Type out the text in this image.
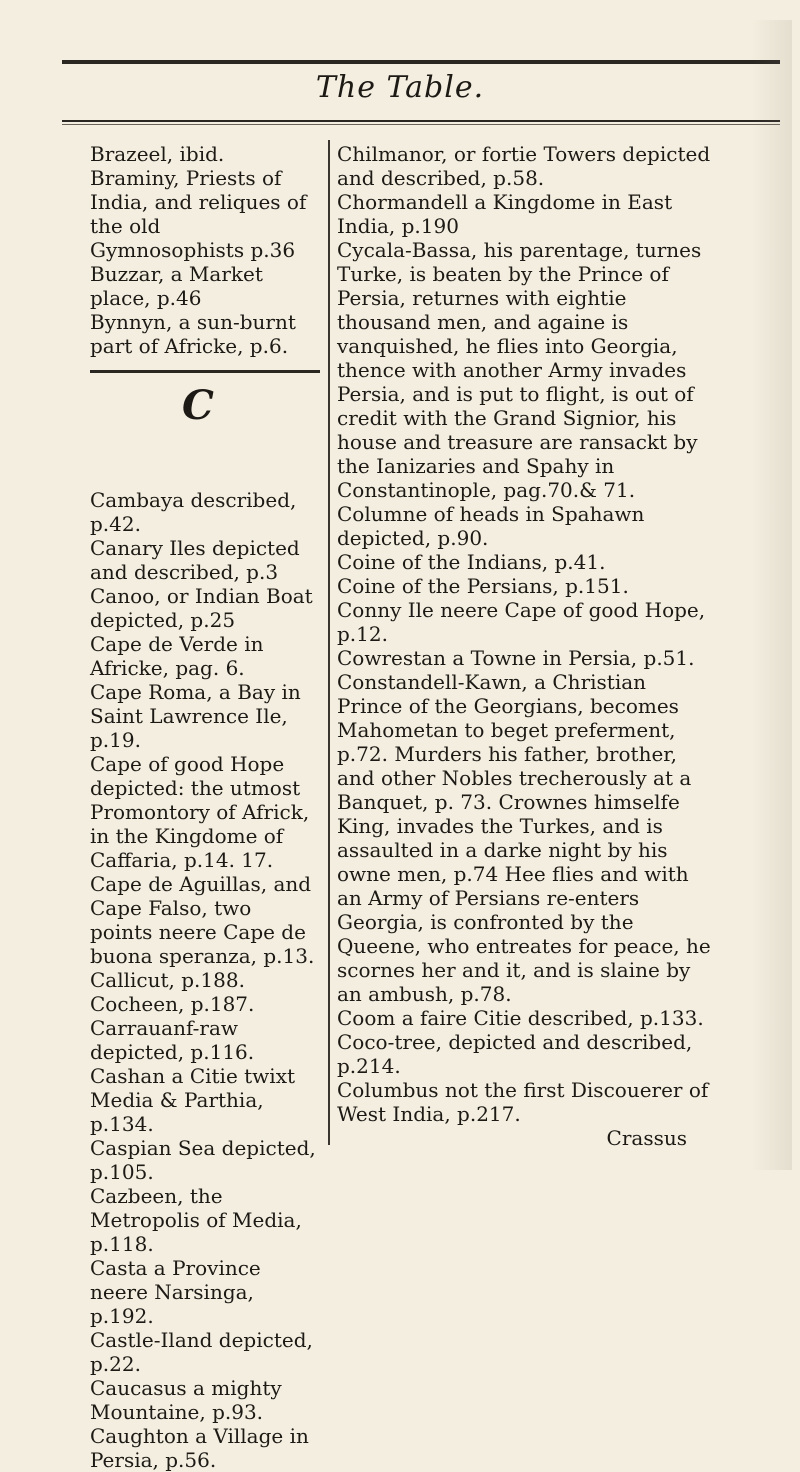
The Table.

Brazeel, ibid.

Braminy, Priests of India, and reliques of the old Gymnosophists p.36

Buzzar, a Market place, p.46

Bynnyn, a sun-burnt part of Africke, p.6.

C

Cambaya described, p.42.

Canary Iles depicted and described, p.3

Canoo, or Indian Boat depicted, p.25

Cape de Verde in Africke, pag. 6.

Cape Roma, a Bay in Saint Lawrence Ile, p.19.

Cape of good Hope depicted: the utmost Promontory of Africk, in the Kingdome of Caffaria, p.14. 17.

Cape de Aguillas, and Cape Falso, two points neere Cape de buona speranza, p.13.

Callicut, p.188.

Cocheen, p.187.

Carrauanf-raw depicted, p.116.

Cashan a Citie twixt Media & Parthia, p.134.

Caspian Sea depicted, p.105.

Cazbeen, the Metropolis of Media, p.118.

Casta a Province neere Narsinga, p.192.

Castle-Iland depicted, p.22.

Caucasus a mighty Mountaine, p.93.

Caughton a Village in Persia, p.56.

Chilmanor, or fortie Towers depicted and described, p.58.

Chormandell a Kingdome in East India, p.190

Cycala-Bassa, his parentage, turnes Turke, is beaten by the Prince of Persia, returnes with eightie thousand men, and againe is vanquished, he flies into Georgia, thence with another Army invades Persia, and is put to flight, is out of credit with the Grand Signior, his house and treasure are ransackt by the Ianizaries and Spahy in Constantinople, pag.70.& 71.

Columne of heads in Spahawn depicted, p.90.

Coine of the Indians, p.41.

Coine of the Persians, p.151.

Conny Ile neere Cape of good Hope, p.12.

Cowrestan a Towne in Persia, p.51.

Constandell-Kawn, a Christian Prince of the Georgians, becomes Mahometan to beget preferment, p.72. Murders his father, brother, and other Nobles trecherously at a Banquet, p. 73. Crownes himselfe King, invades the Turkes, and is assaulted in a darke night by his owne men, p.74 Hee flies and with an Army of Persians re-enters Georgia, is confronted by the Queene, who entreates for peace, he scornes her and it, and is slaine by an ambush, p.78.

Coom a faire Citie described, p.133.

Coco-tree, depicted and described, p.214.

Columbus not the first Discouerer of West India, p.217.

Crassus
